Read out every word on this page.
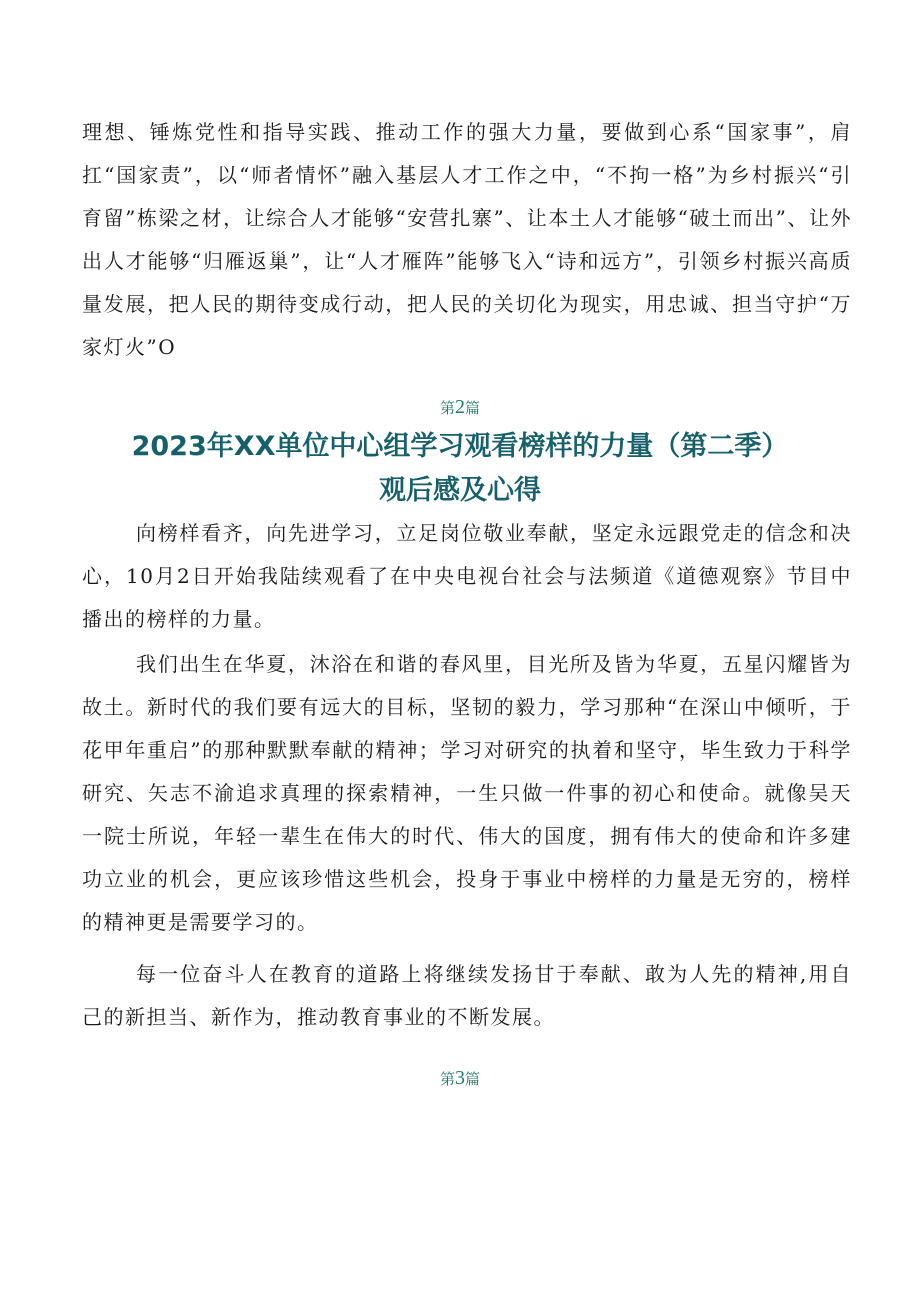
理想、锤炼党性和指导实践、推动工作的强大力量，要做到心系“国家事”，肩扛“国家责”，以“师者情怀”融入基层人才工作之中，“不拘一格”为乡村振兴“引育留”栋梁之材，让综合人才能够“安营扎寨”、让本土人才能够“破土而出”、让外出人才能够“归雁返巢”，让“人才雁阵”能够飞入“诗和远方”，引领乡村振兴高质量发展，把人民的期待变成行动，把人民的关切化为现实，用忠诚、担当守护“万家灯火”O

第2篇
2023年XX单位中心组学习观看榜样的力量（第二季）
观后感及心得

向榜样看齐，向先进学习，立足岗位敬业奉献，坚定永远跟党走的信念和决心，10月2日开始我陆续观看了在中央电视台社会与法频道《道德观察》节目中播出的榜样的力量。

我们出生在华夏，沐浴在和谐的春风里，目光所及皆为华夏，五星闪耀皆为故土。新时代的我们要有远大的目标，坚韧的毅力，学习那种“在深山中倾听，于花甲年重启”的那种默默奉献的精神；学习对研究的执着和坚守，毕生致力于科学研究、矢志不渝追求真理的探索精神，一生只做一件事的初心和使命。就像吴天一院士所说，年轻一辈生在伟大的时代、伟大的国度，拥有伟大的使命和许多建功立业的机会，更应该珍惜这些机会，投身于事业中榜样的力量是无穷的，榜样的精神更是需要学习的。

每一位奋斗人在教育的道路上将继续发扬甘于奉献、敢为人先的精神,用自己的新担当、新作为，推动教育事业的不断发展。

第3篇
